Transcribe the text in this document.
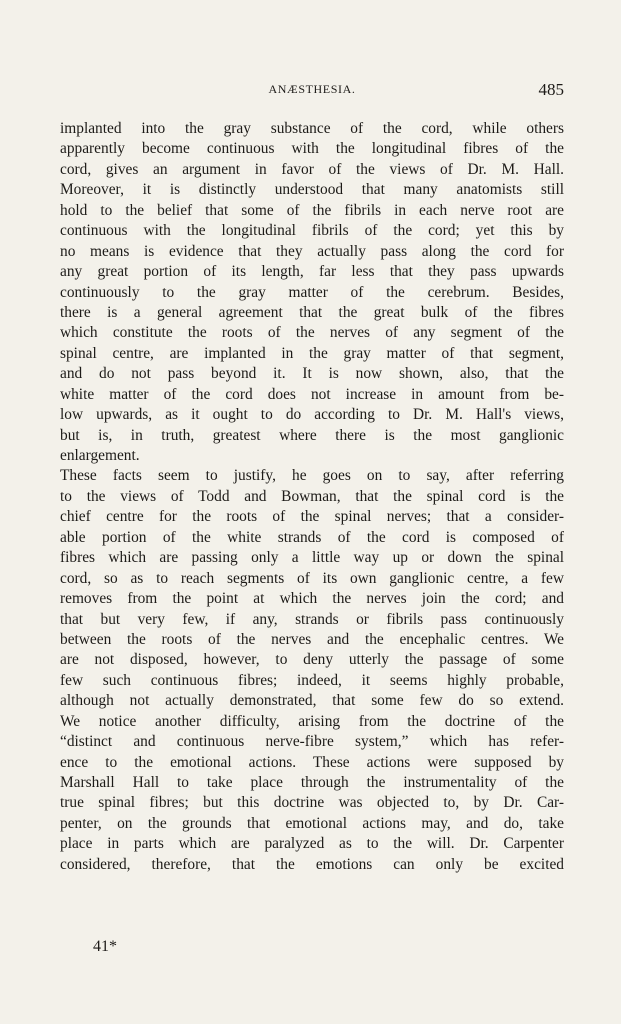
ANÆSTHESIA.	485
implanted into the gray substance of the cord, while others
apparently become continuous with the longitudinal fibres of the
cord, gives an argument in favor of the views of Dr. M. Hall.
Moreover, it is distinctly understood that many anatomists still
hold to the belief that some of the fibrils in each nerve root are
continuous with the longitudinal fibrils of the cord; yet this by
no means is evidence that they actually pass along the cord for
any great portion of its length, far less that they pass upwards
continuously to the gray matter of the cerebrum. Besides,
there is a general agreement that the great bulk of the fibres
which constitute the roots of the nerves of any segment of the
spinal centre, are implanted in the gray matter of that segment,
and do not pass beyond it. It is now shown, also, that the
white matter of the cord does not increase in amount from be-
low upwards, as it ought to do according to Dr. M. Hall's views,
but is, in truth, greatest where there is the most ganglionic
enlargement.
These facts seem to justify, he goes on to say, after referring
to the views of Todd and Bowman, that the spinal cord is the
chief centre for the roots of the spinal nerves; that a consider-
able portion of the white strands of the cord is composed of
fibres which are passing only a little way up or down the spinal
cord, so as to reach segments of its own ganglionic centre, a few
removes from the point at which the nerves join the cord; and
that but very few, if any, strands or fibrils pass continuously
between the roots of the nerves and the encephalic centres. We
are not disposed, however, to deny utterly the passage of some
few such continuous fibres; indeed, it seems highly probable,
although not actually demonstrated, that some few do so extend.
We notice another difficulty, arising from the doctrine of the
“distinct and continuous nerve-fibre system,” which has refer-
ence to the emotional actions. These actions were supposed by
Marshall Hall to take place through the instrumentality of the
true spinal fibres; but this doctrine was objected to, by Dr. Car-
penter, on the grounds that emotional actions may, and do, take
place in parts which are paralyzed as to the will. Dr. Carpenter
considered, therefore, that the emotions can only be excited
41*
